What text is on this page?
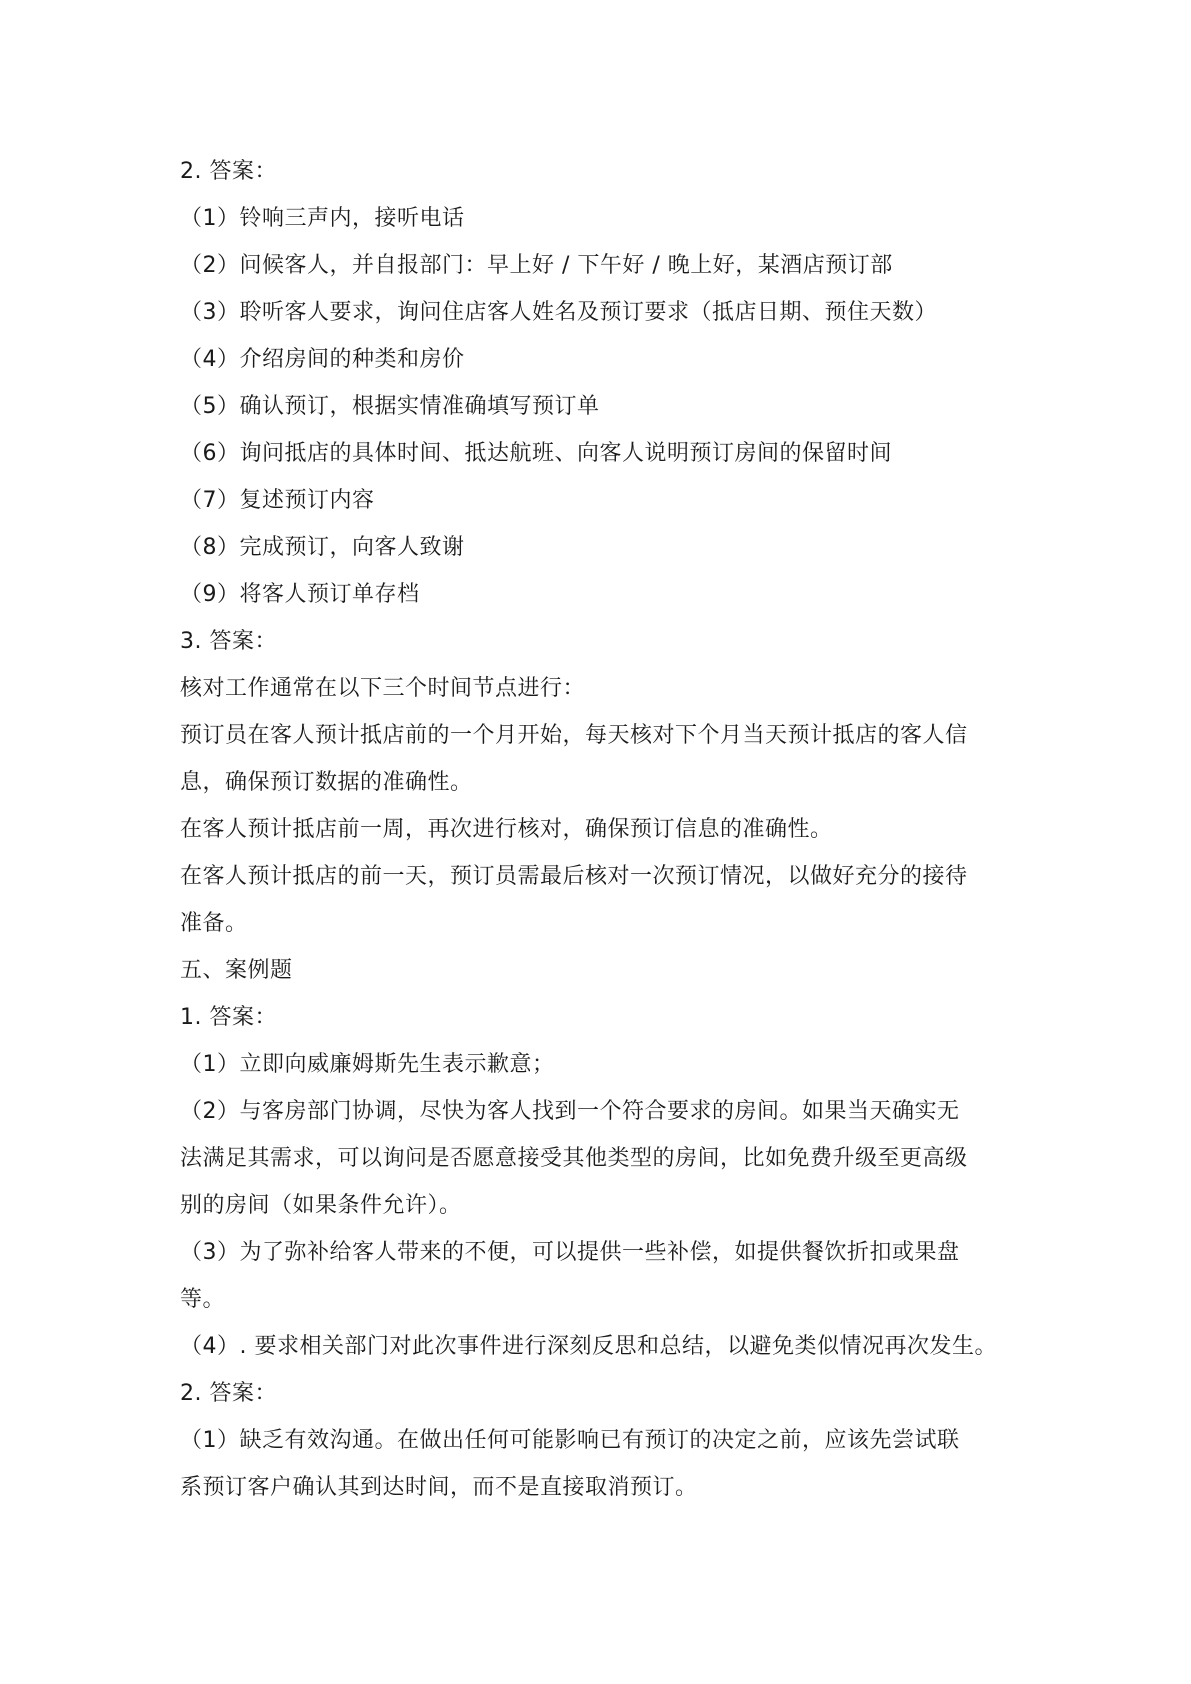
2. 答案：
（1）铃响三声内，接听电话
（2）问候客人，并自报部门：早上好 / 下午好 / 晚上好，某酒店预订部
（3）聆听客人要求，询问住店客人姓名及预订要求（抵店日期、预住天数）
（4）介绍房间的种类和房价
（5）确认预订，根据实情准确填写预订单
（6）询问抵店的具体时间、抵达航班、向客人说明预订房间的保留时间
（7）复述预订内容
（8）完成预订，向客人致谢
（9）将客人预订单存档
3. 答案：
核对工作通常在以下三个时间节点进行：
预订员在客人预计抵店前的一个月开始，每天核对下个月当天预计抵店的客人信
息，确保预订数据的准确性。
在客人预计抵店前一周，再次进行核对，确保预订信息的准确性。
在客人预计抵店的前一天，预订员需最后核对一次预订情况，以做好充分的接待
准备。
五、案例题
1. 答案：
（1）立即向威廉姆斯先生表示歉意；
（2）与客房部门协调，尽快为客人找到一个符合要求的房间。如果当天确实无
法满足其需求，可以询问是否愿意接受其他类型的房间，比如免费升级至更高级
别的房间（如果条件允许）。
（3）为了弥补给客人带来的不便，可以提供一些补偿，如提供餐饮折扣或果盘
等。
（4）. 要求相关部门对此次事件进行深刻反思和总结，以避免类似情况再次发生。
2. 答案：
（1）缺乏有效沟通。在做出任何可能影响已有预订的决定之前，应该先尝试联
系预订客户确认其到达时间，而不是直接取消预订。
